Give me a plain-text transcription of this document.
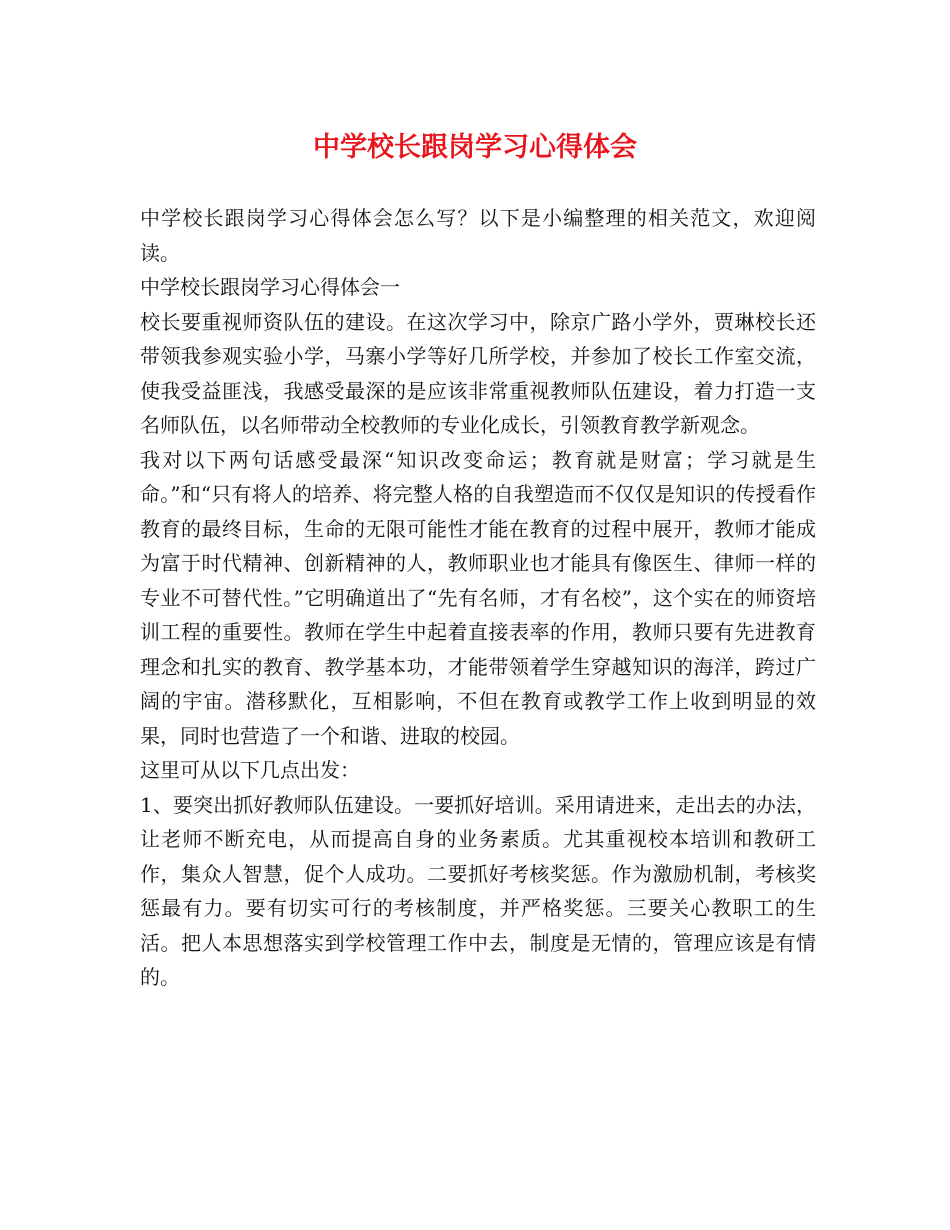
中学校长跟岗学习心得体会

中学校长跟岗学习心得体会怎么写？以下是小编整理的相关范文，欢迎阅读。

中学校长跟岗学习心得体会一

校长要重视师资队伍的建设。在这次学习中，除京广路小学外，贾琳校长还带领我参观实验小学，马寨小学等好几所学校，并参加了校长工作室交流，使我受益匪浅，我感受最深的是应该非常重视教师队伍建设，着力打造一支名师队伍，以名师带动全校教师的专业化成长，引领教育教学新观念。

我对以下两句话感受最深“知识改变命运；教育就是财富；学习就是生命。”和“只有将人的培养、将完整人格的自我塑造而不仅仅是知识的传授看作教育的最终目标，生命的无限可能性才能在教育的过程中展开，教师才能成为富于时代精神、创新精神的人，教师职业也才能具有像医生、律师一样的专业不可替代性。”它明确道出了“先有名师，才有名校”，这个实在的师资培训工程的重要性。教师在学生中起着直接表率的作用，教师只要有先进教育理念和扎实的教育、教学基本功，才能带领着学生穿越知识的海洋，跨过广阔的宇宙。潜移默化，互相影响，不但在教育或教学工作上收到明显的效果，同时也营造了一个和谐、进取的校园。

这里可从以下几点出发：

1、要突出抓好教师队伍建设。一要抓好培训。采用请进来，走出去的办法，让老师不断充电，从而提高自身的业务素质。尤其重视校本培训和教研工作，集众人智慧，促个人成功。二要抓好考核奖惩。作为激励机制，考核奖惩最有力。要有切实可行的考核制度，并严格奖惩。三要关心教职工的生活。把人本思想落实到学校管理工作中去，制度是无情的，管理应该是有情的。
